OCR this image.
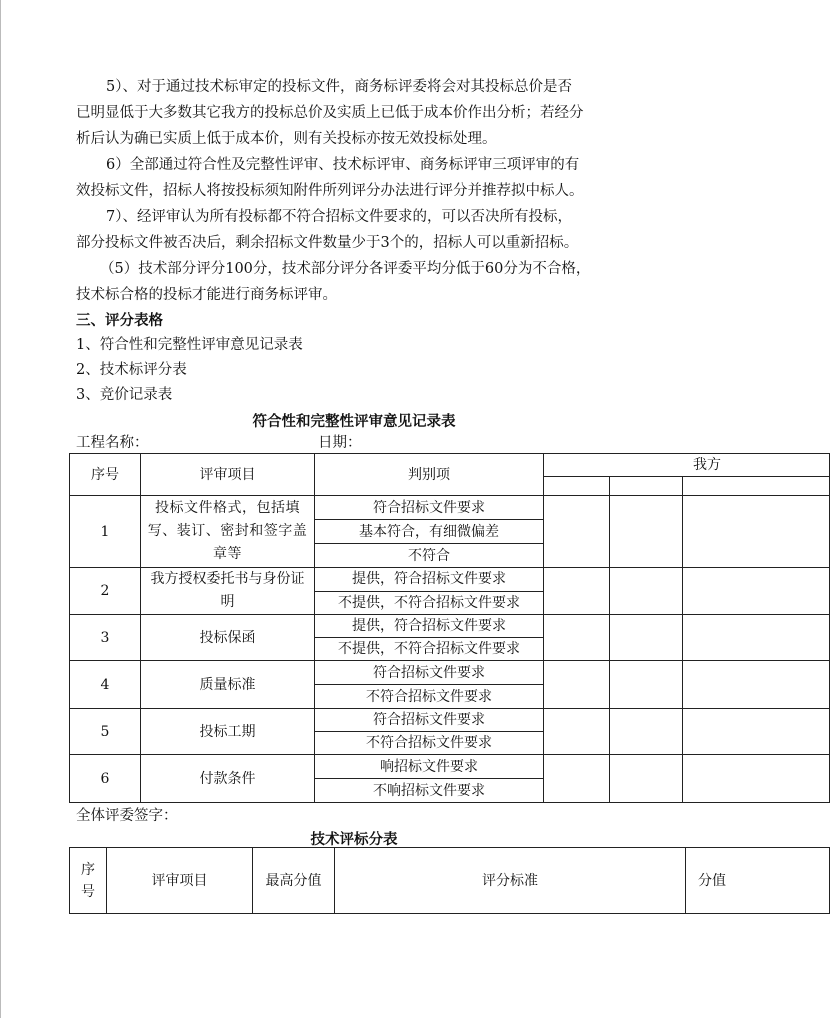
5）、对于通过技术标审定的投标文件，商务标评委将会对其投标总价是否
已明显低于大多数其它我方的投标总价及实质上已低于成本价作出分析；若经分
析后认为确已实质上低于成本价，则有关投标亦按无效投标处理。
6）全部通过符合性及完整性评审、技术标评审、商务标评审三项评审的有
效投标文件，招标人将按投标须知附件所列评分办法进行评分并推荐拟中标人。
7）、经评审认为所有投标都不符合招标文件要求的，可以否决所有投标，
部分投标文件被否决后，剩余招标文件数量少于3个的，招标人可以重新招标。
（5）技术部分评分100分，技术部分评分各评委平均分低于60分为不合格，
技术标合格的投标才能进行商务标评审。
三、评分表格
1、符合性和完整性评审意见记录表
2、技术标评分表
3、竞价记录表
符合性和完整性评审意见记录表
工程名称：	日期：
序号	评审项目	判别项	我方		

1	投标文件格式，包括填写、装订、密封和签字盖章等	符合招标文件要求			
		基本符合，有细微偏差			
		不符合			
2	我方授权委托书与身份证明	提供，符合招标文件要求			
		不提供，不符合招标文件要求			
3	投标保函	提供，符合招标文件要求			
		不提供，不符合招标文件要求			
4	质量标准	符合招标文件要求			
		不符合招标文件要求			
5	投标工期	符合招标文件要求			
		不符合招标文件要求			
6	付款条件	响招标文件要求			
		不响招标文件要求			
全体评委签字：
技术评标分表
序号	评审项目	最高分值	评分标准	分值
